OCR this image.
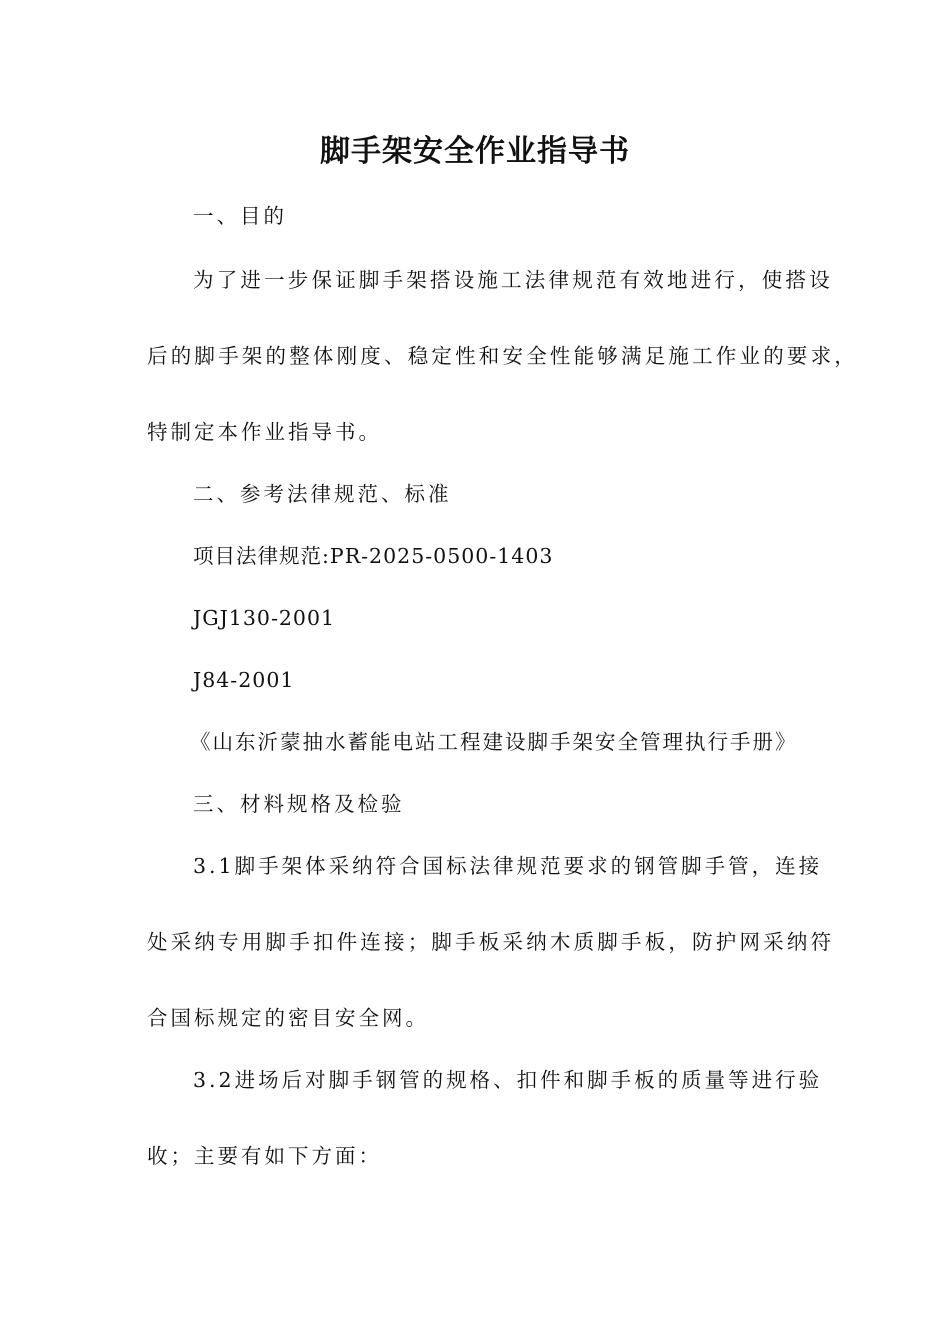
脚手架安全作业指导书
一、目的
为了进一步保证脚手架搭设施工法律规范有效地进行，使搭设
后的脚手架的整体刚度、稳定性和安全性能够满足施工作业的要求，
特制定本作业指导书。
二、参考法律规范、标准
项目法律规范:PR-2025-0500-1403
JGJ130-2001
J84-2001
《山东沂蒙抽水蓄能电站工程建设脚手架安全管理执行手册》
三、材料规格及检验
3.1脚手架体采纳符合国标法律规范要求的钢管脚手管，连接
处采纳专用脚手扣件连接；脚手板采纳木质脚手板，防护网采纳符
合国标规定的密目安全网。
3.2进场后对脚手钢管的规格、扣件和脚手板的质量等进行验
收；主要有如下方面：
